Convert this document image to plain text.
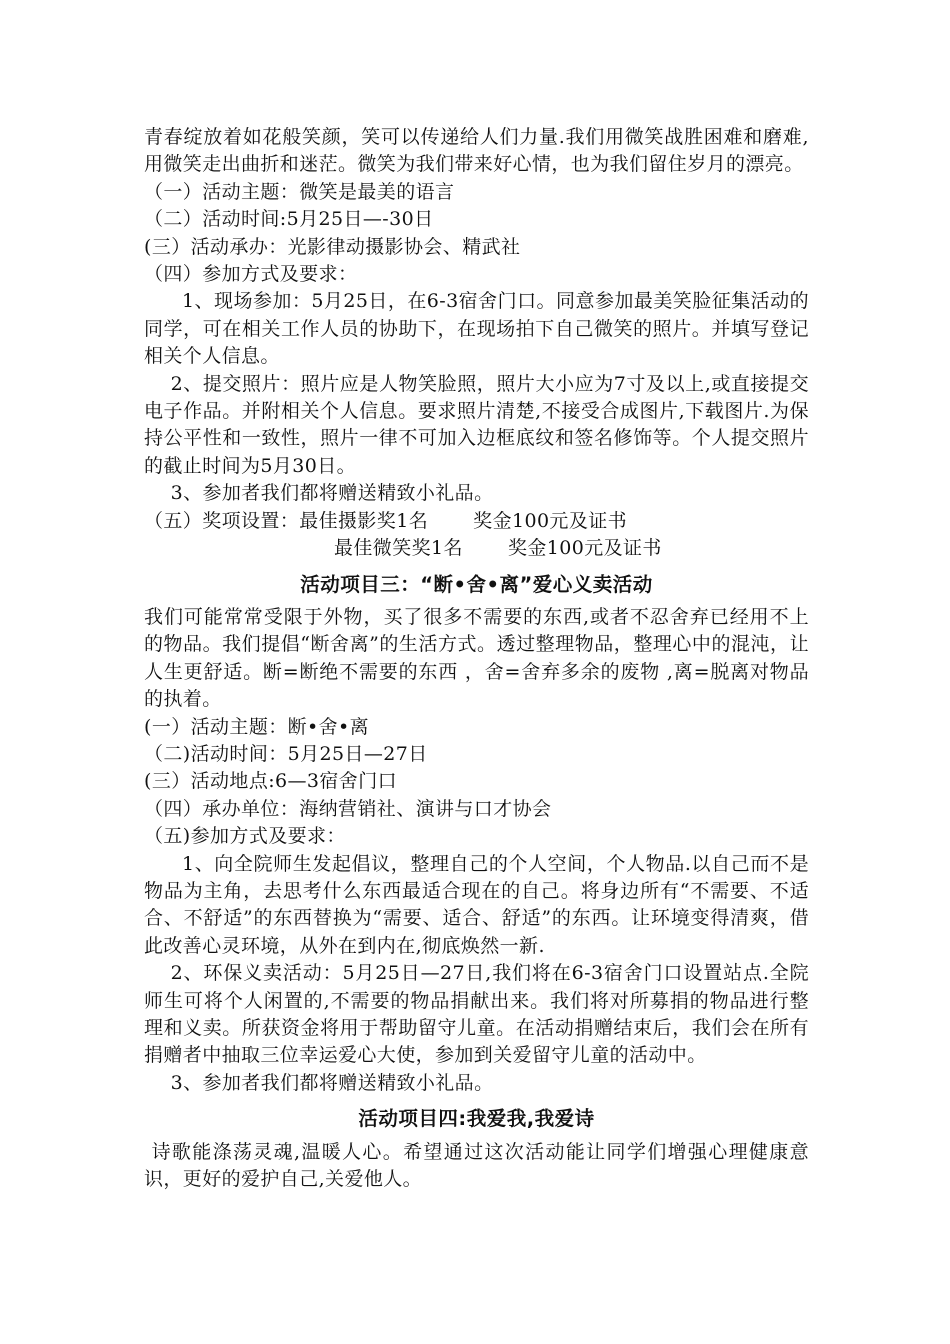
青春绽放着如花般笑颜，笑可以传递给人们力量.我们用微笑战胜困难和磨难,用微笑走出曲折和迷茫。微笑为我们带来好心情，也为我们留住岁月的漂亮。

（一）活动主题：微笑是最美的语言

（二）活动时间:5月25日—-30日

(三）活动承办：光影律动摄影协会、精武社

（四）参加方式及要求：

1、现场参加：5月25日，在6-3宿舍门口。同意参加最美笑脸征集活动的同学，可在相关工作人员的协助下，在现场拍下自己微笑的照片。并填写登记相关个人信息。

2、提交照片：照片应是人物笑脸照，照片大小应为7寸及以上,或直接提交电子作品。并附相关个人信息。要求照片清楚,不接受合成图片,下载图片.为保持公平性和一致性，照片一律不可加入边框底纹和签名修饰等。个人提交照片的截止时间为5月30日。

3、参加者我们都将赠送精致小礼品。

（五）奖项设置：最佳摄影奖1名       奖金100元及证书

最佳微笑奖1名       奖金100元及证书

活动项目三：“断•舍•离”爱心义卖活动

我们可能常常受限于外物，买了很多不需要的东西,或者不忍舍弃已经用不上的物品。我们提倡“断舍离”的生活方式。透过整理物品，整理心中的混沌，让人生更舒适。断=断绝不需要的东西 ，舍=舍弃多余的废物 ,离=脱离对物品的执着。

(一）活动主题：断•舍•离

（二)活动时间：5月25日—27日

(三）活动地点:6—3宿舍门口

（四）承办单位：海纳营销社、演讲与口才协会

（五)参加方式及要求：

1、向全院师生发起倡议，整理自己的个人空间，个人物品.以自己而不是物品为主角，去思考什么东西最适合现在的自己。将身边所有“不需要、不适合、不舒适”的东西替换为“需要、适合、舒适”的东西。让环境变得清爽，借此改善心灵环境，从外在到内在,彻底焕然一新.

2、环保义卖活动：5月25日—27日,我们将在6-3宿舍门口设置站点.全院师生可将个人闲置的,不需要的物品捐献出来。我们将对所募捐的物品进行整理和义卖。所获资金将用于帮助留守儿童。在活动捐赠结束后，我们会在所有捐赠者中抽取三位幸运爱心大使，参加到关爱留守儿童的活动中。

3、参加者我们都将赠送精致小礼品。

活动项目四:我爱我,我爱诗

诗歌能涤荡灵魂,温暖人心。希望通过这次活动能让同学们增强心理健康意识，更好的爱护自己,关爱他人。
